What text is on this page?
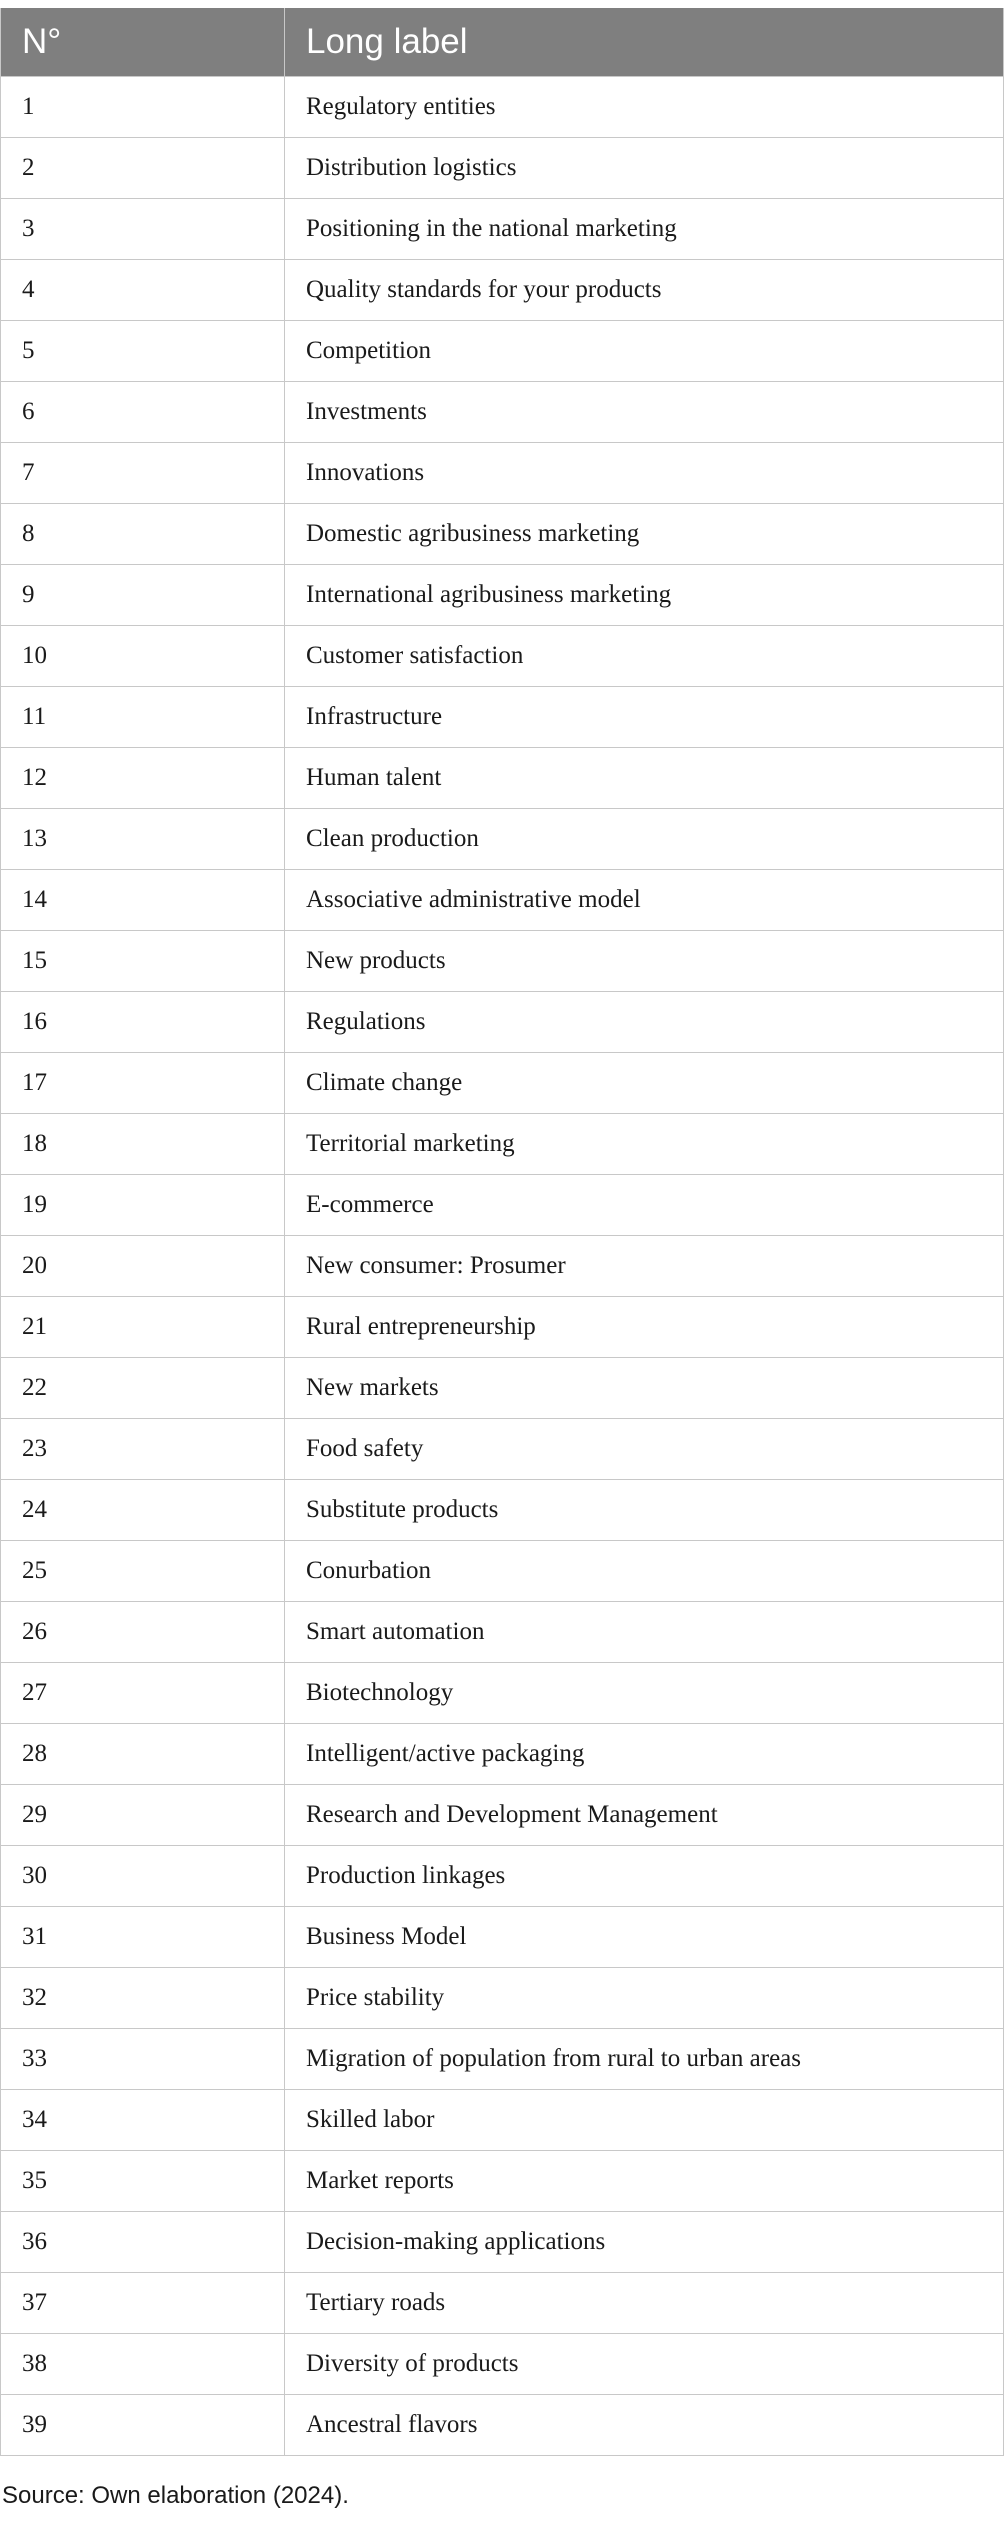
N°	Long label
1	Regulatory entities
2	Distribution logistics
3	Positioning in the national marketing
4	Quality standards for your products
5	Competition
6	Investments
7	Innovations
8	Domestic agribusiness marketing
9	International agribusiness marketing
10	Customer satisfaction
11	Infrastructure
12	Human talent
13	Clean production
14	Associative administrative model
15	New products
16	Regulations
17	Climate change
18	Territorial marketing
19	E-commerce
20	New consumer: Prosumer
21	Rural entrepreneurship
22	New markets
23	Food safety
24	Substitute products
25	Conurbation
26	Smart automation
27	Biotechnology
28	Intelligent/active packaging
29	Research and Development Management
30	Production linkages
31	Business Model
32	Price stability
33	Migration of population from rural to urban areas
34	Skilled labor
35	Market reports
36	Decision-making applications
37	Tertiary roads
38	Diversity of products
39	Ancestral flavors
Source: Own elaboration (2024).
